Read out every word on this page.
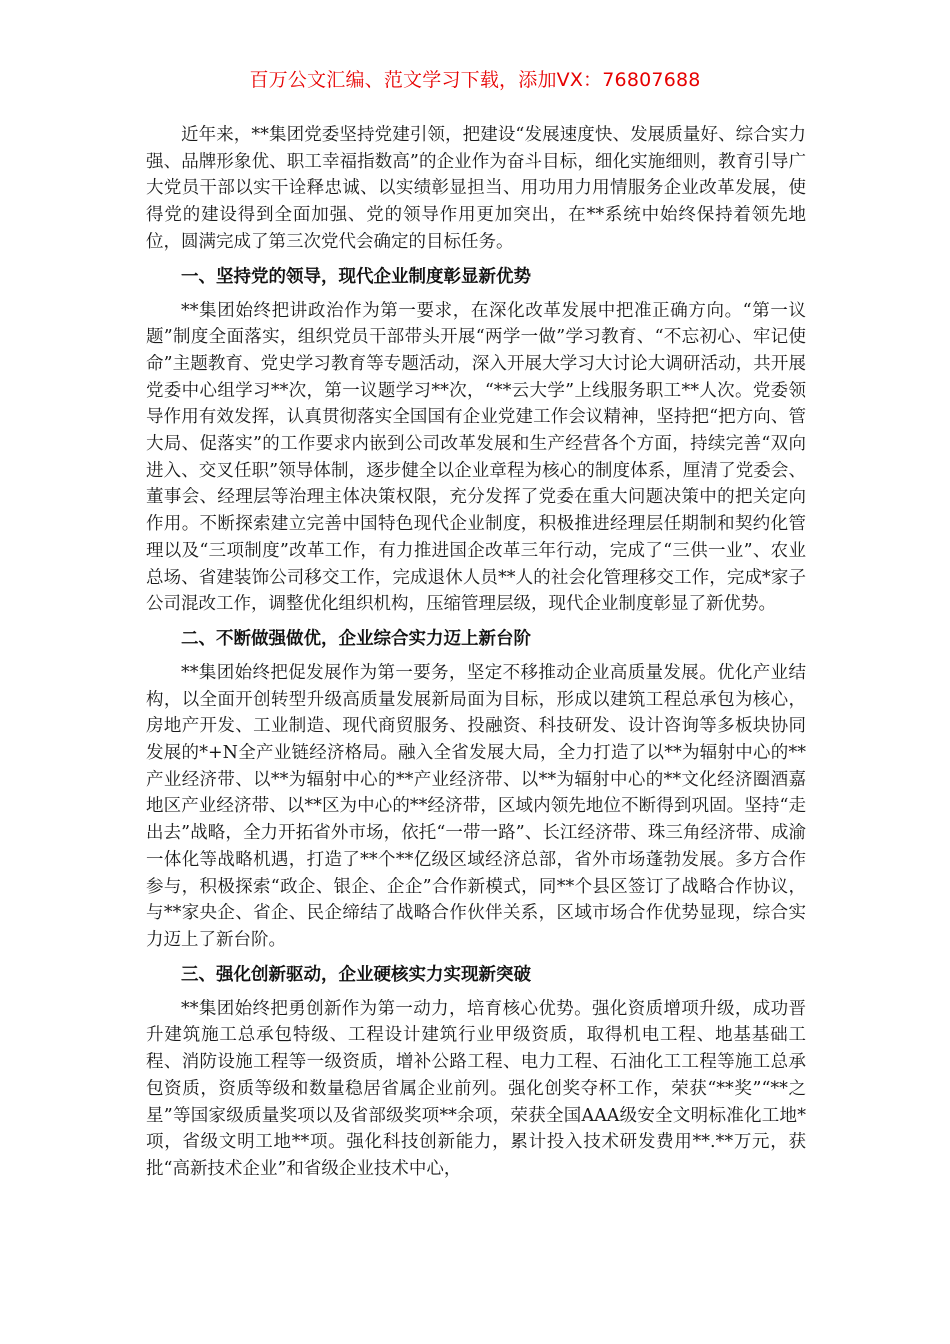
百万公文汇编、范文学习下载，添加VX：76807688

近年来，**集团党委坚持党建引领，把建设“发展速度快、发展质量好、综合实力强、品牌形象优、职工幸福指数高”的企业作为奋斗目标，细化实施细则，教育引导广大党员干部以实干诠释忠诚、以实绩彰显担当、用功用力用情服务企业改革发展，使得党的建设得到全面加强、党的领导作用更加突出，在**系统中始终保持着领先地位，圆满完成了第三次党代会确定的目标任务。

一、坚持党的领导，现代企业制度彰显新优势

**集团始终把讲政治作为第一要求，在深化改革发展中把准正确方向。“第一议题”制度全面落实，组织党员干部带头开展“两学一做”学习教育、“不忘初心、牢记使命”主题教育、党史学习教育等专题活动，深入开展大学习大讨论大调研活动，共开展党委中心组学习**次，第一议题学习**次，“**云大学”上线服务职工**人次。党委领导作用有效发挥，认真贯彻落实全国国有企业党建工作会议精神，坚持把“把方向、管大局、促落实”的工作要求内嵌到公司改革发展和生产经营各个方面，持续完善“双向进入、交叉任职”领导体制，逐步健全以企业章程为核心的制度体系，厘清了党委会、董事会、经理层等治理主体决策权限，充分发挥了党委在重大问题决策中的把关定向作用。不断探索建立完善中国特色现代企业制度，积极推进经理层任期制和契约化管理以及“三项制度”改革工作，有力推进国企改革三年行动，完成了“三供一业”、农业总场、省建装饰公司移交工作，完成退休人员**人的社会化管理移交工作，完成*家子公司混改工作，调整优化组织机构，压缩管理层级，现代企业制度彰显了新优势。

二、不断做强做优，企业综合实力迈上新台阶

**集团始终把促发展作为第一要务，坚定不移推动企业高质量发展。优化产业结构，以全面开创转型升级高质量发展新局面为目标，形成以建筑工程总承包为核心，房地产开发、工业制造、现代商贸服务、投融资、科技研发、设计咨询等多板块协同发展的*+N全产业链经济格局。融入全省发展大局，全力打造了以**为辐射中心的**产业经济带、以**为辐射中心的**产业经济带、以**为辐射中心的**文化经济圈酒嘉地区产业经济带、以**区为中心的**经济带，区域内领先地位不断得到巩固。坚持“走出去”战略，全力开拓省外市场，依托“一带一路”、长江经济带、珠三角经济带、成渝一体化等战略机遇，打造了**个**亿级区域经济总部，省外市场蓬勃发展。多方合作参与，积极探索“政企、银企、企企”合作新模式，同**个县区签订了战略合作协议，与**家央企、省企、民企缔结了战略合作伙伴关系，区域市场合作优势显现，综合实力迈上了新台阶。

三、强化创新驱动，企业硬核实力实现新突破

**集团始终把勇创新作为第一动力，培育核心优势。强化资质增项升级，成功晋升建筑施工总承包特级、工程设计建筑行业甲级资质，取得机电工程、地基基础工程、消防设施工程等一级资质，增补公路工程、电力工程、石油化工工程等施工总承包资质，资质等级和数量稳居省属企业前列。强化创奖夺杯工作，荣获“**奖”“**之星”等国家级质量奖项以及省部级奖项**余项，荣获全国AAA级安全文明标准化工地*项，省级文明工地**项。强化科技创新能力，累计投入技术研发费用**.**万元，获批“高新技术企业”和省级企业技术中心，
